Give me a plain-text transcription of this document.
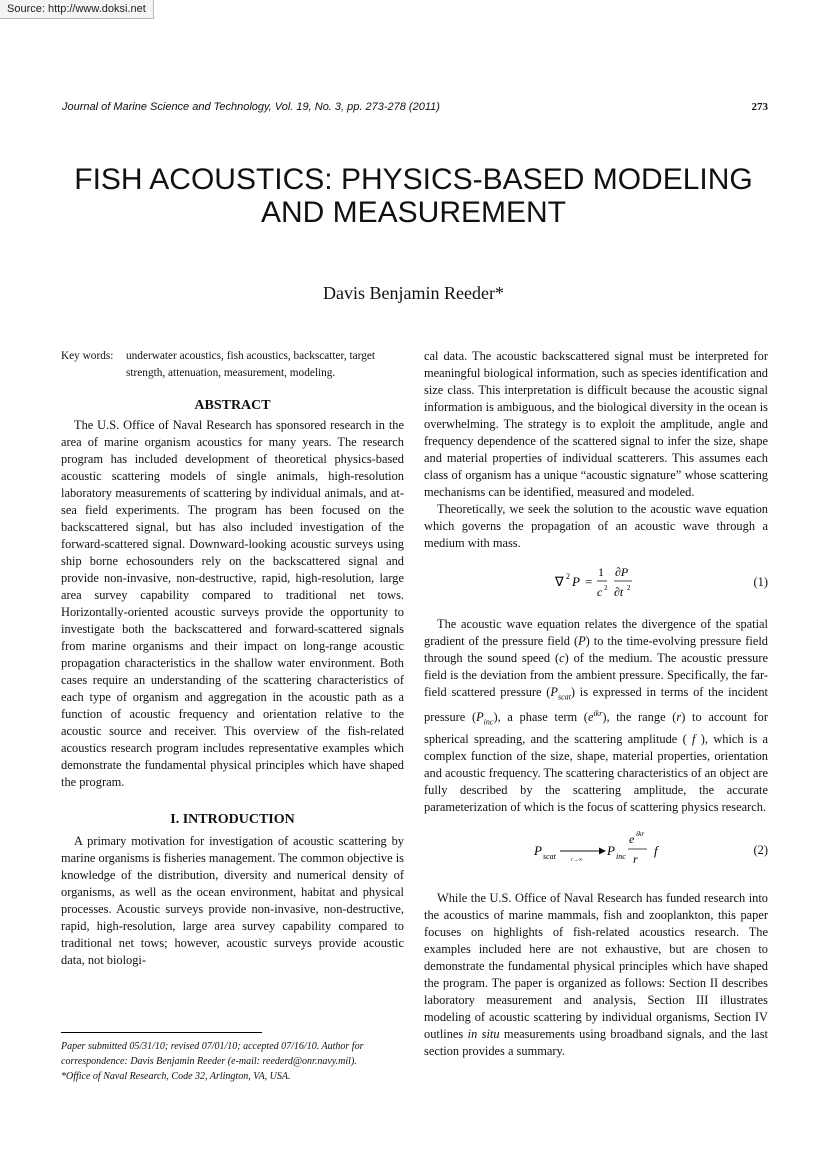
Source: http://www.doksi.net
Journal of Marine Science and Technology, Vol. 19, No. 3, pp. 273-278 (2011)	273
FISH ACOUSTICS: PHYSICS-BASED MODELING
AND MEASUREMENT
Davis Benjamin Reeder*
Key words:	underwater acoustics, fish acoustics, backscatter, target strength, attenuation, measurement, modeling.
ABSTRACT

The U.S. Office of Naval Research has sponsored research in the area of marine organism acoustics for many years. The research program has included development of theoretical physics-based acoustic scattering models of single animals, high-resolution laboratory measurements of scattering by individual animals, and at-sea field experiments. The program has been focused on the backscattered signal, but has also included investigation of the forward-scattered signal. Downward-looking acoustic surveys using ship borne echosounders rely on the backscattered signal and provide non-invasive, non-destructive, rapid, high-resolution, large area survey capability compared to traditional net tows. Horizontally-oriented acoustic surveys provide the opportunity to investigate both the backscattered and forward-scattered signals from marine organisms and their impact on long-range acoustic propagation characteristics in the shallow water environment. Both cases require an understanding of the scattering characteristics of each type of organism and aggregation in the acoustic path as a function of acoustic frequency and orientation relative to the acoustic source and receiver. This overview of the fish-related acoustics research program includes representative examples which demonstrate the fundamental physical principles which have shaped the program.

I. INTRODUCTION

A primary motivation for investigation of acoustic scattering by marine organisms is fisheries management. The common objective is knowledge of the distribution, diversity and numerical density of organisms, as well as the ocean environment, habitat and physical processes. Acoustic surveys provide non-invasive, non-destructive, rapid, high-resolution, large area survey capability compared to traditional net tows; however, acoustic surveys provide acoustic data, not biologi-

Paper submitted 05/31/10; revised 07/01/10; accepted 07/16/10. Author for
correspondence: Davis Benjamin Reeder (e-mail: reederd@onr.navy.mil).
*Office of Naval Research, Code 32, Arlington, VA, USA.

cal data. The acoustic backscattered signal must be interpreted for meaningful biological information, such as species identification and size class. This interpretation is difficult because the acoustic signal information is ambiguous, and the biological diversity in the ocean is overwhelming. The strategy is to exploit the amplitude, angle and frequency dependence of the scattered signal to infer the size, shape and material properties of individual scatterers. This assumes each class of organism has a unique “acoustic signature” whose scattering mechanisms can be identified, measured and modeled.

Theoretically, we seek the solution to the acoustic wave equation which governs the propagation of an acoustic wave through a medium with mass.

∇ 2 P =
1
c 2
∂P
∂t 2	(1)

The acoustic wave equation relates the divergence of the spatial gradient of the pressure field (P) to the time-evolving pressure field through the sound speed (c) of the medium. The acoustic pressure field is the deviation from the ambient pressure. Specifically, the far-field scattered pressure $(P_{scat})$ is expressed in terms of the incident pressure $(P_{inc})$, a phase term $(e^{ikr})$, the range (r) to account for spherical spreading, and the scattering amplitude ( f ), which is a complex function of the size, shape, material properties, orientation and acoustic frequency. The scattering characteristics of an object are fully described by the scattering amplitude, the accurate parameterization of which is the focus of scattering physics research.

P scat	r→∞
P inc
e ikr
r
f	(2)

While the U.S. Office of Naval Research has funded research into the acoustics of marine mammals, fish and zooplankton, this paper focuses on highlights of fish-related acoustics research. The examples included here are not exhaustive, but are chosen to demonstrate the fundamental physical principles which have shaped the program. The paper is organized as follows: Section II describes laboratory measurement and analysis, Section III illustrates modeling of acoustic scattering by individual organisms, Section IV outlines in situ measurements using broadband signals, and the last section provides a summary.
